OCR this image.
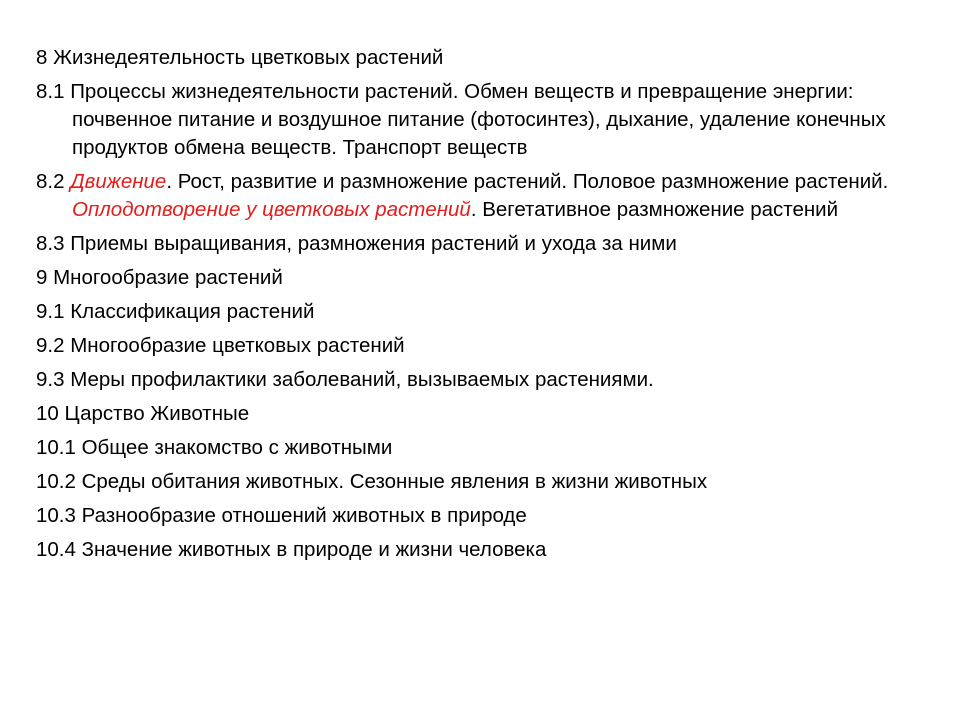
8 Жизнедеятельность цветковых растений

8.1 Процессы жизнедеятельности растений. Обмен веществ и превращение энергии: почвенное питание и воздушное питание (фотосинтез), дыхание, удаление конечных продуктов обмена веществ. Транспорт веществ

8.2 Движение. Рост, развитие и размножение растений. Половое размножение растений. Оплодотворение у цветковых растений. Вегетативное размножение растений

8.3 Приемы выращивания, размножения растений и ухода за ними

9 Многообразие растений

9.1 Классификация растений

9.2 Многообразие цветковых растений

9.3 Меры профилактики заболеваний, вызываемых растениями.

10 Царство Животные

10.1 Общее знакомство с животными

10.2 Среды обитания животных. Сезонные явления в жизни животных

10.3 Разнообразие отношений животных в природе

10.4 Значение животных в природе и жизни человека
